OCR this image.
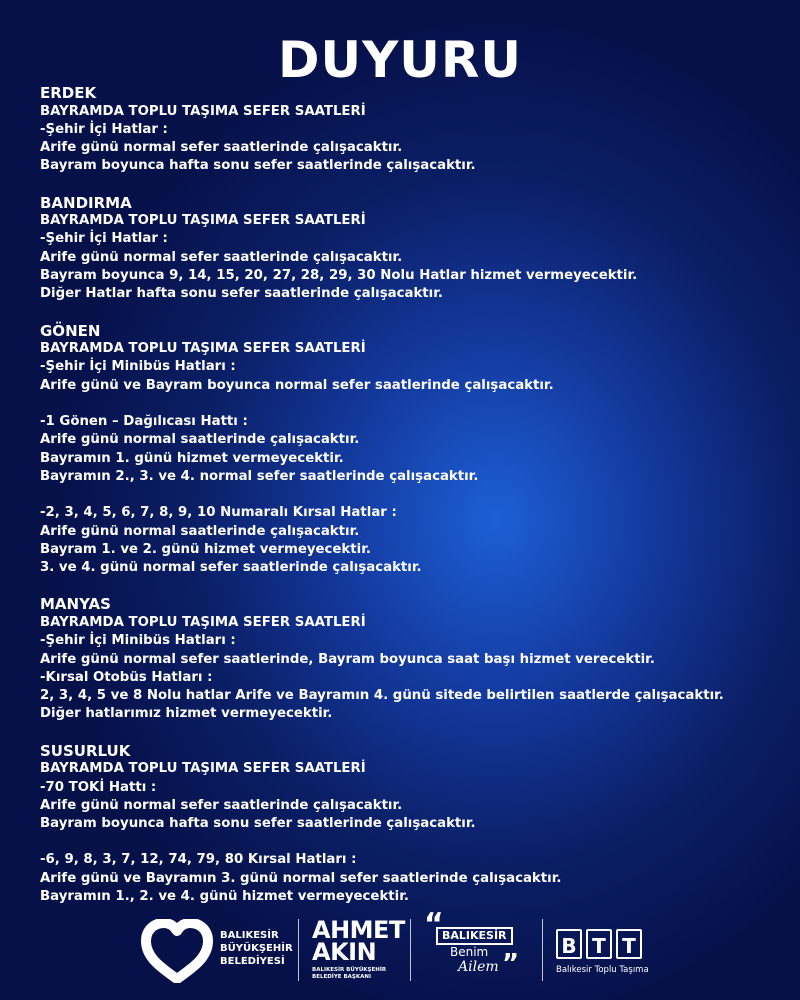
DUYURU
ERDEK
BAYRAMDA TOPLU TAŞIMA SEFER SAATLERİ
-Şehir İçi Hatlar :
Arife günü normal sefer saatlerinde çalışacaktır.
Bayram boyunca hafta sonu sefer saatlerinde çalışacaktır.
BANDIRMA
BAYRAMDA TOPLU TAŞIMA SEFER SAATLERİ
-Şehir İçi Hatlar :
Arife günü normal sefer saatlerinde çalışacaktır.
Bayram boyunca 9, 14, 15, 20, 27, 28, 29, 30 Nolu Hatlar hizmet vermeyecektir.
Diğer Hatlar hafta sonu sefer saatlerinde çalışacaktır.
GÖNEN
BAYRAMDA TOPLU TAŞIMA SEFER SAATLERİ
-Şehir İçi Minibüs Hatları :
Arife günü ve Bayram boyunca normal sefer saatlerinde çalışacaktır.
-1 Gönen – Dağılıcası Hattı :
Arife günü normal saatlerinde çalışacaktır.
Bayramın 1. günü hizmet vermeyecektir.
Bayramın 2., 3. ve 4. normal sefer saatlerinde çalışacaktır.
-2, 3, 4, 5, 6, 7, 8, 9, 10 Numaralı Kırsal Hatlar :
Arife günü normal saatlerinde çalışacaktır.
Bayram 1. ve 2. günü hizmet vermeyecektir.
3. ve 4. günü normal sefer saatlerinde çalışacaktır.
MANYAS
BAYRAMDA TOPLU TAŞIMA SEFER SAATLERİ
-Şehir İçi Minibüs Hatları :
Arife günü normal sefer saatlerinde, Bayram boyunca saat başı hizmet verecektir.
-Kırsal Otobüs Hatları :
2, 3, 4, 5 ve 8 Nolu hatlar Arife ve Bayramın 4. günü sitede belirtilen saatlerde çalışacaktır.
Diğer hatlarımız hizmet vermeyecektir.
SUSURLUK
BAYRAMDA TOPLU TAŞIMA SEFER SAATLERİ
-70 TOKİ Hattı :
Arife günü normal sefer saatlerinde çalışacaktır.
Bayram boyunca hafta sonu sefer saatlerinde çalışacaktır.
-6, 9, 8, 3, 7, 12, 74, 79, 80 Kırsal Hatları :
Arife günü ve Bayramın 3. günü normal sefer saatlerinde çalışacaktır.
Bayramın 1., 2. ve 4. günü hizmet vermeyecektir.
BALIKESİR
BÜYÜKŞEHİR
BELEDİYESİ
AHMET
AKIN
BALIKESİR BÜYÜKŞEHİR
BELEDİYE BAŞKANI
“
BALIKESİR
Benim
Ailem ”
B T T
Balıkesir Toplu Taşıma
